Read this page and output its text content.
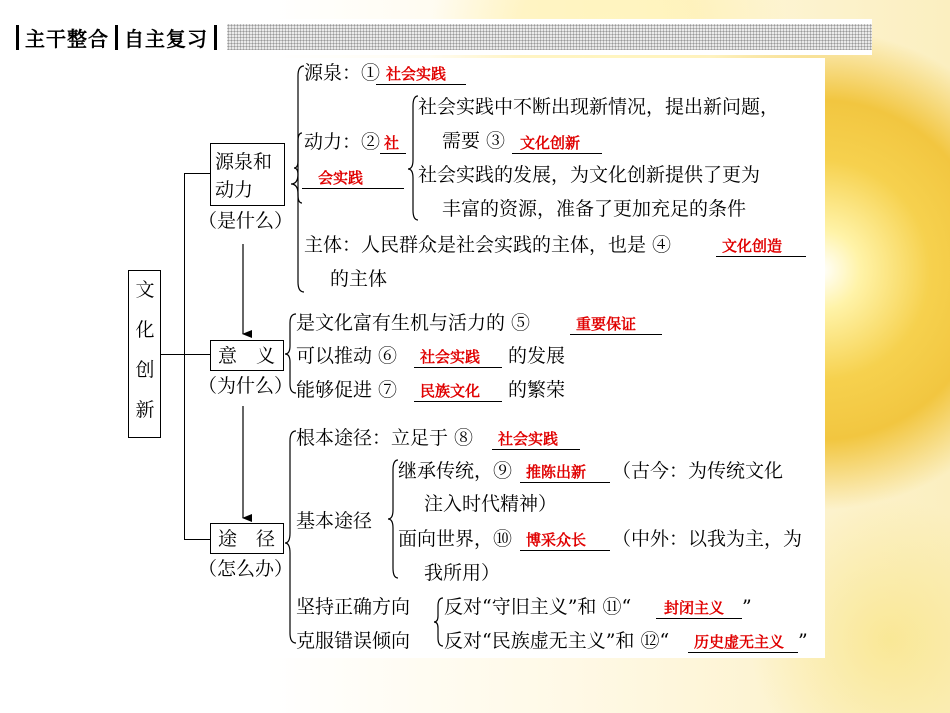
主干整合 自主复习
文
化
创
新
源泉和
动力
（是什么）
源泉：① 社会实践
动力：② 社
会实践
社会实践中不断出现新情况，提出新问题，
需要 ③ 文化创新
社会实践的发展，为文化创新提供了更为
丰富的资源，准备了更加充足的条件
主体：人民群众是社会实践的主体，也是 ④	文化创造
的主体
意　义
（为什么）
是文化富有生机与活力的 ⑤	重要保证
可以推动 ⑥ 社会实践 的发展
能够促进 ⑦ 民族文化 的繁荣
途　径
（怎么办）
根本途径：立足于 ⑧ 社会实践
基本途径
继承传统，⑨ 推陈出新 （古今：为传统文化
注入时代精神）
面向世界，⑩ 博采众长 （中外：以我为主，为
我所用）
坚持正确方向
克服错误倾向
反对“守旧主义”和 ⑪“ 封闭主义 ”
反对“民族虚无主义”和 ⑫“ 历史虚无主义 ”
